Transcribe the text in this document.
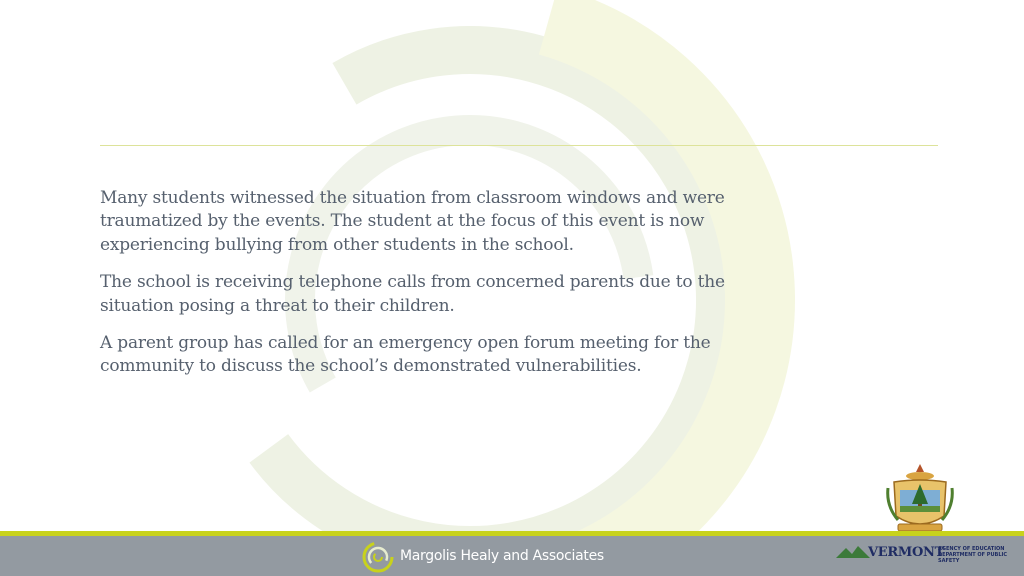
Many students witnessed the situation from classroom windows and were traumatized by the events. The student at the focus of this event is now experiencing bullying from other students in the school.

The school is receiving telephone calls from concerned parents due to the situation posing a threat to their children.

A parent group has called for an emergency open forum meeting for the community to discuss the school’s demonstrated vulnerabilities.

Margolis Healy and Associates	VERMONT
AGENCY OF EDUCATION
DEPARTMENT OF PUBLIC SAFETY
